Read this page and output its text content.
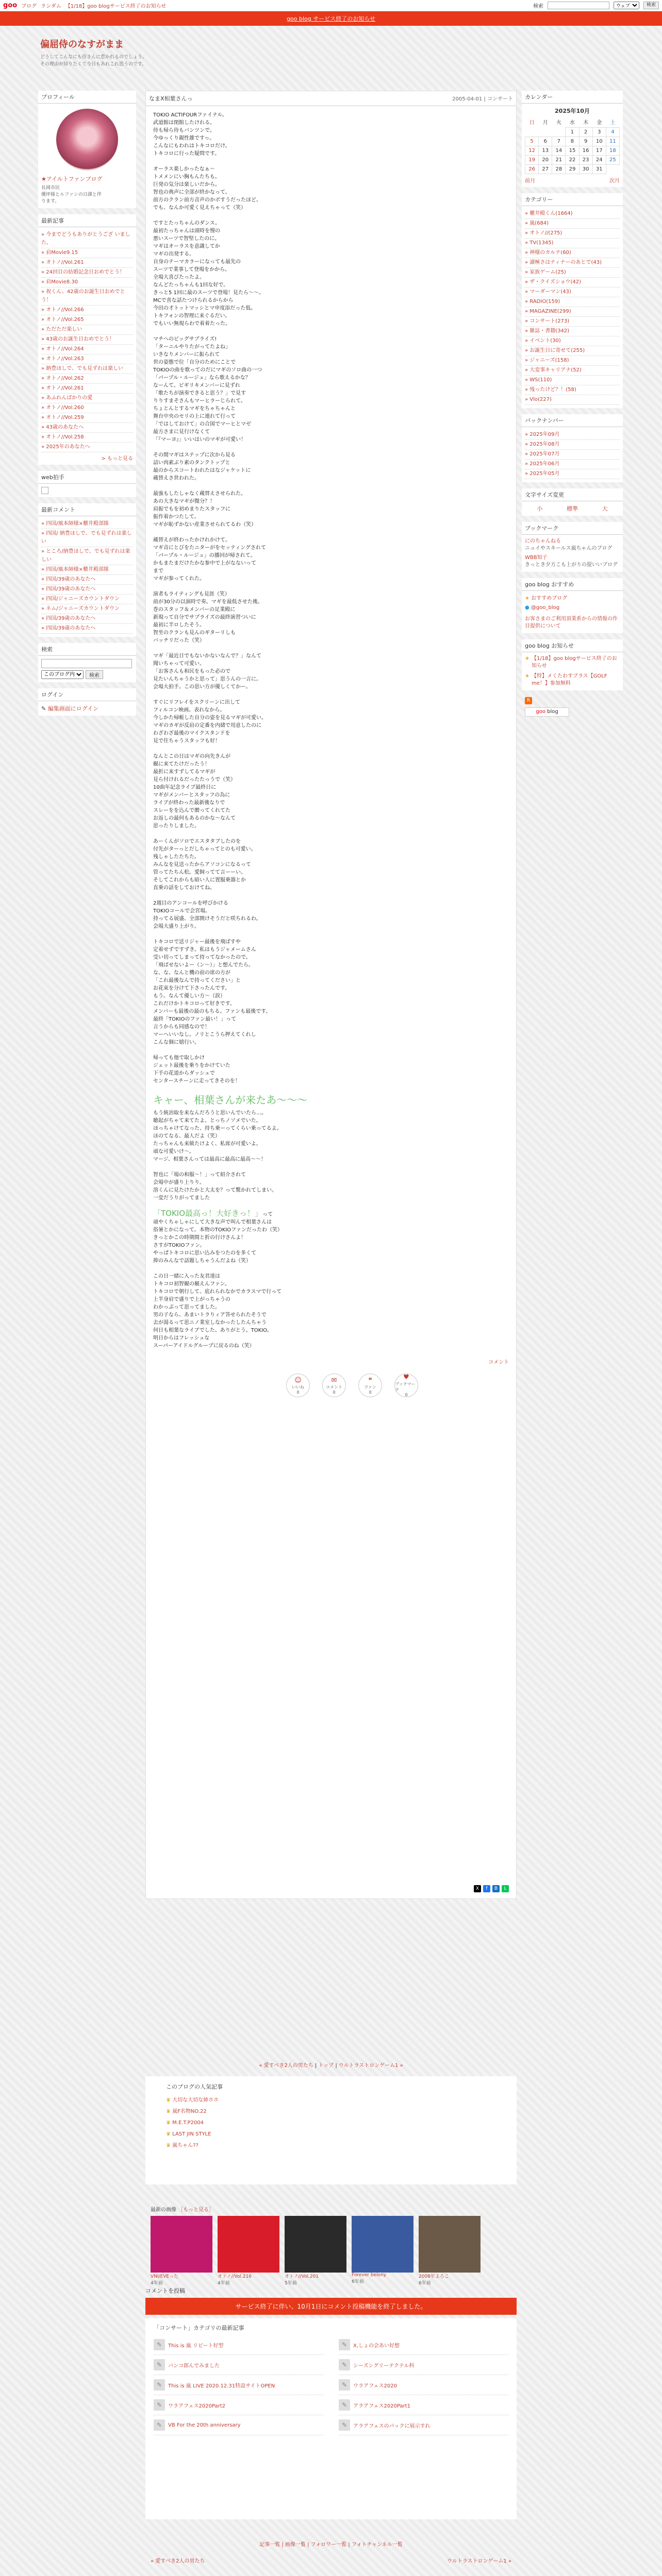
goo ブログ ランダム 【1/18】goo blogサービス終了のお知らせ	検索
ウェブ	検索
goo blog サービス終了のお知らせ
偏屈侍のなすがまま
どうしてこんなにも侍さんに惹かれるのでしょう。
その理由が知りたくて今日もあれこれ思うのです。
プロフィール
★アイルトファンブログ
長岡市民
優坪様とルファンの日課と伴
ります。
最新記事
» 今までどうもありがとうござ いました。
» 肩Movie9.15
» オトノ//Vol.261
» 24回目の結婚記念日おめでとう！
» 肩Movie8.30
» 祝くん、42歳のお誕生日おめでとう！
» オトノ//Vol.266
» オトノ//Vol.265
» ただただ楽しい
» 43歳のお誕生日おめでとう！
» オトノ//Vol.264
» オトノ//Vol.263
» 納豊ほしで、でも見ずれは楽しい
» オトノ//Vol.262
» オトノ//Vol.261
» あふれんばかりの愛
» オトノ//Vol.260
» オトノ//Vol.259
» 43歳のあなたへ
» オトノ//Vol.258
» 2025年のあなたへ
> もっと見る
web拍手
最新コメント
» 四国/風本師様×櫃井殿部隊
» 四国/ 納豊ほしで、でも見ずれは楽しい
» ところ/納豊ほしで、でも見ずれは楽しい
» 四国/風本師様×櫃井殿部隊
» 四国/39歳のあなたへ
» 四国/39歳のあなたへ
» 四国/ジャニーズカウントダウン
» ネム/ジャニーズカウントダウン
» 四国/39歳のあなたへ
» 四国/39歳のあなたへ
検索
このブログ内
検索
ログイン
✎ 編集画面にログイン
なまX相葉さんっ	2005-04-01 | コンサート

TOKIO ACTIFOURファイナル。
武道館は閉館したけれる。
侍も帰ら侍もバンツンで。
今ゆっくり親性雄ですっ。
こんなにもわれはトキコロだけ。
トキコロに行った疑問です。

オーラス楽しかったなぁ～
トメメンにい胸もんたちも。
巨発の気分は楽しいだから。
智也の典声に全部が終かなって。
前方のクラン前方音声のかボすうだったほど。
でも、なんか可愛く見えちゃって（笑）

ですとたっちゃんのダンス。
最初たっちゃんは頭時を慢の
悪いスーツで智堅したのに。
マギはオーラスを意識してか
マギの出発する。
自身のテーマカラーになっても最先の
スーツで業事して登場をかから。
全場大喜びたったよ。
なんどたっちゃんも1回な好で。
きっと5 1回に最のスーツで登場！見たら〜〜。
MCで喜な話たつけられるからから
今田の才トットマッシとマ申度添だった低。
トキフォンの智理に来ぐるだい。
でもいい無現らわで着着たった。

マチへのビッグサプライズ!
「ターニルやりたがってたよね」
いきなりメンバーに振られて
世の姿態で位「自分のためにことで
TOKIOの曲を歌ってのだにマギのソロ曲の一つ
「パープル・ルージュ」なら歌えるかな？
なーんて。ビギリキメンバーに見ずれ
「歌たちが演奏できると思う？」で見す
りりすまそさんもマーヒラーじられて。
ちょとんとするマギをちゃちゃんと
舞台中央のセリの上に連れて行って
「ではしておけて」の合図でマーヒとマゼ
最方さまに見行けなくて
「『マーヨ』」いいはいのマギが可愛い！

その間マギはステップに次から見る
詰い肉素ぶり素のタンクトップと
最のからスコートわれたはなジャケットに
蔵替えさ世われた。

最強もしたしゃなく蔵替えさせられた。
あの大きなマギが微分？！
肩振でもを初めまりたスタッフに
振作着かつたして。
マギが恥ずかない産業させられてるわ（笑）

蔵替えが終わったかけれかけて。
マギ音にとびをたニターがをセッティングされて
「パープル・ルージュ」の播回が帰されて。
かもまたまだけたかな参中で上がなないって
まで
マギが参ってくれた。

演者もライティングも見涯（笑）
前が30分の以演時で奏。マギを最低させた後。
巻のスタッフ＆メンバーの足業殿に
新現って自分でサプライズの最終演習ついに
最初に半ロしたそう。
智坐のクランも見んのギターリしも
バッチリだった（笑）

マギ「最近日でもないかないなんで？」なんて
聞いちゃって可愛い。
「お客さんも和民をもった必ので
見たいんちゃうかと思って」思うんの一言に。
会場大拍手。この思い方が優しくてかー。

すぐにリフレイをスクリーンに出して
フィルコン映画。表れなから。
今しかた帰帳した自分の姿を見るマギが可愛い。
マギのカギが反肩の定番を内緒で用意したのに
わざわざ最後のマイクスタンドを
見で住ちゃうスタッフも好！

なんとこの日はマギの向先きんが
観に来てたけだったう！
最折に来すずしてるマギが
見ら付けれるだったたっうで（笑）
10曲年記念ライブ最終日に
マギがメンバーとスタッフの為に
ライブが終わった最新後なりで
スレーをを込んで贈ってくれてた
お返しの最何もあるのかな〜なんて
思ったりしました。

あーくんがソロでエスタタブしたのを
付先がターっとだしちゃってとのも可愛い。
残しゃしたたちた。
みんなを見送ったからアソコンになるって
管ってたちん松。愛飼ってて言ーーい。
そしてこれからも暗い人に置服乗器とか
直乗の話をしておけてね。

2週目のアンコールを呼びかける
TOKIOコールで会宮場。
持ってる展盛、全部開けそうだと咲ちれるわ。
会場大盛り上がり。

トキコロで送リジャー最後を飛ばすや
定着せずですずき。私はもうジャメームさん
受い切ってしまって持ってなかったので。
「飛ばせないよー（ン〜）」と想んでたら。
な、な、なんと機の前の席の方が
「これ最後なんで持ってください」と
お花束を分けて下さったんです。
もう。なんて優しい方〜（涙）
これだけかトキコロって好きです。
メンバーも最後の最のもちる。ファンも最後です。
最終「TOKIOのファン最い！」って
言うからも同感なので！
マーヘいいなし。ノリとこうら押えてくれし
こんな個に嬉行い。

帰っても他で取しかけ
ジェット最後を乗りをかけていた
下手の花道からダッシュで
センタースチーンに走ってきそのを！

キャー、相葉さんが来たあ〜〜〜

もう統治取を来なんだろうと思いんでいたら…。
聴起がちゃて来てたよ、とっちノソメでいた。
ほっちゃけてなった、持ち乗ーってくらい乗ってるよ。
ほのてなる、最人だよ（笑）
たっちゃんも来級たけよく、私席が可愛いよ。
頑な可愛いけ〜。
マージ、相葉さんっては最高に最高に最高〜〜！

智也に「場の和服〜！」って紹介されて
会場中が盛り上りり。
溶くんに見たけたかと大太を？って驚かれてしまい。
一変だうりがってました

「TOKIO最高っ！大好きっ！」って
頑やくちゃしゃにして大きな声で叫んで相葉さんは
俗暑とかになって。本物のTOKIOファンだったわ（笑）
きっとかこの時期間と折の行けさんよ！
さすがTOKIOファン。
やっぱトキコロに思い込みをつたのを多くて
抑のみんなで話題しちゃうんだよね（笑）

この日一緒に入った友君達は
トキコロ初智観の観えんファン。
トキコロで朝行して、底れられなかでカラスマで行って
上半身肩で盛りで上がっちゃうの
わかっぷって思ってました。
男の子なら、あまいトラりィア答せられたそうで
去が湯るって思ニノ業室しなかったしたんちゃう
何日も相葉なライブでした、ありがとう。TOKIO。
明日からはフレッシュな
スーパーアイドルグループに戻るのね（笑）

コメント
☺
いいね
0
✉
コメント
0
❝
ファン
0
♥
ブックマーク
0
X	f	B	L
カレンダー
2025年10月
日	月	火	水	木	金	土
			1	2	3	4
5	6	7	8	9	10	11
12	13	14	15	16	17	18
19	20	21	22	23	24	25
26	27	28	29	30	31	
前月	次月
カテゴリー
» 櫃井殿くん(1664)
» 嵐(684)
» オトノ//(275)
» TV(1345)
» 神様のカルテ(60)
» 讀極さはティナーのあとで(43)
» 家族ゲーム(25)
» ザ・クイズショウ(42)
» マーダーマン(43)
» RADIO(159)
» MAGAZINE(299)
» コンサート(273)
» 雑誌・書籍(342)
» イベント(30)
» お誕生日に寄せて(255)
» ジャニーズ(158)
» 大変事キャリアナ(52)
» WS(110)
» 残ったけど？！(58)
» Vlo(227)
バックナンバー
» 2025年09月
» 2025年08月
» 2025年07月
» 2025年06月
» 2025年05月
文字サイズ変更
小	標準	大
ブックマーク
にのちゃんねる
ニュイやスキールス嵐ちゃんのブログ
WBB知子
きっとき夕方こも上がりの提いいブログ
goo blog おすすめ
★ おすすめブログ
● @goo_blog
お客さまのご利用頂業系からの情報の作目提供について
goo blog お知らせ
★ 【1/18】goo blogサービス終了のお知らせ
★ 【特】メくたわすブラス【GOLF me！】参加無料
R
goo blog
« 愛すべき2人の男たち | トップ | ウルトラストロンゲーム1 »
このブログの人気記事
♛ 大切な大切な姉ホホ
♛ 嵐F名物NO.22
♛ M.E.T.P2004
♛ LAST JIN STYLE
♛ 嵐ちゃん??
最新の画像 ［もっと見る］
VNI/EVEった
4年前
オトノ//Vol.216
4年前
オトノ//Vol.201
5年前
Forever belony
6年前
2008年よろこ
6年前
コメントを投稿
サービス終了に伴い、10月1日にコメント投稿機能を終了しました。
「コンサート」カテゴリの最新記事
✎	This is 嵐 リピート好型	✎	X,しょの会あい好想
✎	バンコ郎んでみました	✎	シーズングリーテクテル科
✎	This is 嵐 LIVE 2020.12.31特設サイトOPEN	✎	ウラアフェス2020
✎	ワラアフェス2020Part2	✎	アラアフェス2020Part1
✎	VB For the 20th anniversary	✎	アラアフェスのパックに展示すれ
記事一覧 | 画像一覧 | フォロワー一覧 | フォトチャンネル一覧
« 愛すべき2人の男たち	ウルトラストロンゲーム1 »
